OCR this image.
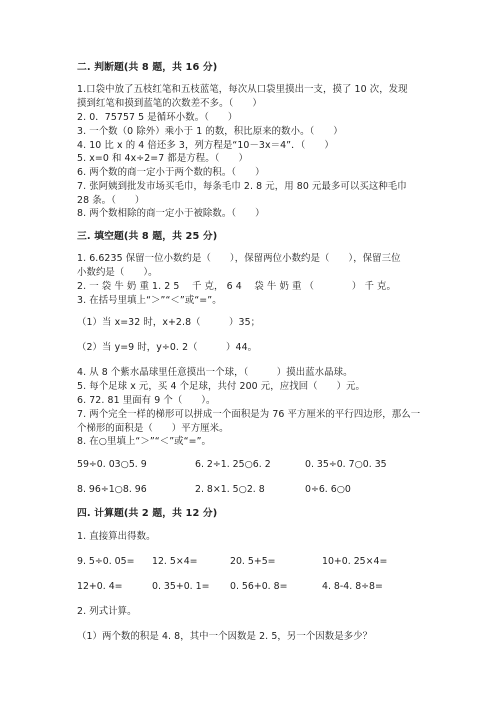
二. 判断题(共 8 题，共 16 分)
1.口袋中放了五枝红笔和五枝蓝笔，每次从口袋里摸出一支，摸了 10 次，发现
摸到红笔和摸到蓝笔的次数差不多。（　　）
2. 0．75757 5 是循环小数。（　　）
3. 一个数（0 除外）乘小于 1 的数，积比原来的数小。（　　）
4. 10 比 x 的 4 倍还多 3，列方程是“10－3x＝4”．（　　）
5. x=0 和 4x÷2=7 都是方程。（　　）
6. 两个数的商一定小于两个数的积。（　　）
7. 张阿姨到批发市场买毛巾，每条毛巾 2. 8 元，用 80 元最多可以买这种毛巾
28 条。（　　）
8. 两个数相除的商一定小于被除数。（　　）
三. 填空题(共 8 题，共 25 分)
1. 6.6235 保留一位小数约是（　　），保留两位小数约是（　　），保留三位
小数约是（　　）。
2. 一 袋 牛 奶 重 1. 2 5 　千 克， 6 4 　袋 牛 奶 重 （　　　　） 千 克。
3. 在括号里填上“＞”“＜”或“=”。
（1）当 x=32 时，x+2.8（　　　）35；
（2）当 y=9 时，y÷0. 2（　　　）44。
4. 从 8 个紫水晶球里任意摸出一个球，（　　　）摸出蓝水晶球。
5. 每个足球 x 元，买 4 个足球，共付 200 元，应找回（　　）元。
6. 72. 81 里面有 9 个（　　）。
7. 两个完全一样的梯形可以拼成一个面积是为 76 平方厘米的平行四边形，那么一
个梯形的面积是（　　）平方厘米。
8. 在○里填上“＞”“＜”或“=”。
59÷0. 03○5. 9	6. 2÷1. 25○6. 2	0. 35÷0. 7○0. 35
8. 96÷1○8. 96	2. 8×1. 5○2. 8	0÷6. 6○0
四. 计算题(共 2 题，共 12 分)
1. 直接算出得数。
9. 5÷0. 05= 12. 5×4=	20. 5+5=	10+0. 25×4=
12+0. 4=	0. 35+0. 1= 0. 56+0. 8=	4. 8-4. 8÷8=
2. 列式计算。
（1）两个数的积是 4. 8，其中一个因数是 2. 5，另一个因数是多少？
